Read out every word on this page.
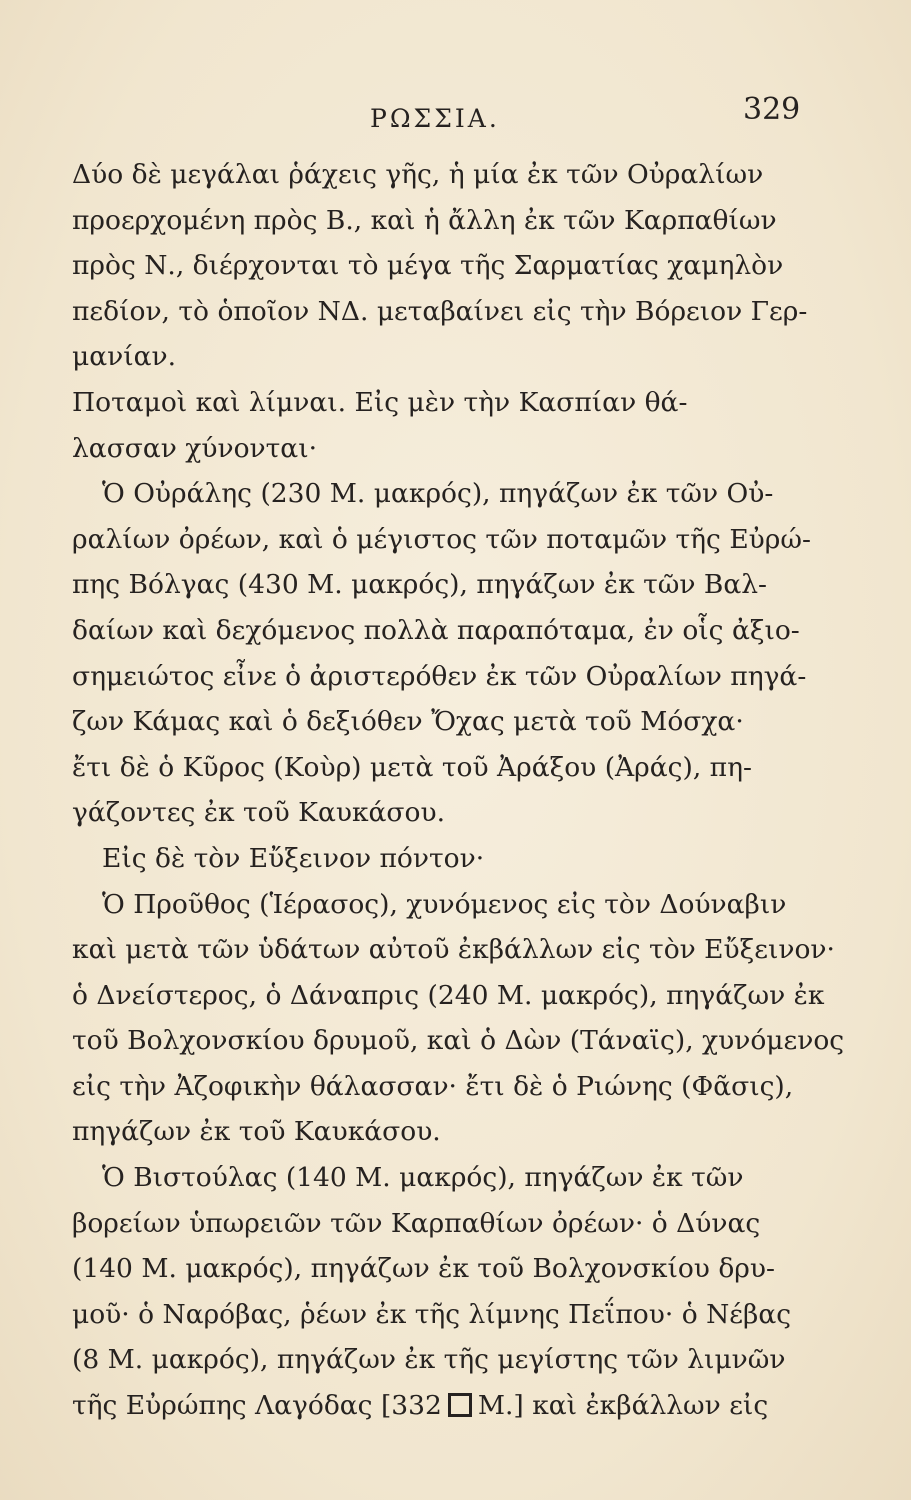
ΡΩΣΣΙΑ.	329
Δύο δὲ μεγάλαι ῥάχεις γῆς, ἡ μία ἐκ τῶν Οὐραλίων
προερχομένη πρὸς Β., καὶ ἡ ἄλλη ἐκ τῶν Καρπαθίων
πρὸς Ν., διέρχονται τὸ μέγα τῆς Σαρματίας χαμηλὸν
πεδίον, τὸ ὁποῖον ΝΔ. μεταβαίνει εἰς τὴν Βόρειον Γερ-
μανίαν.
Ποταμοὶ καὶ λίμναι. Εἰς μὲν τὴν Κασπίαν θά-
λασσαν χύνονται·
Ὁ Οὐράλης (230 Μ. μακρός), πηγάζων ἐκ τῶν Οὐ-
ραλίων ὀρέων, καὶ ὁ μέγιστος τῶν ποταμῶν τῆς Εὐρώ-
πης Βόλγας (430 Μ. μακρός), πηγάζων ἐκ τῶν Βαλ-
δαίων καὶ δεχόμενος πολλὰ παραπόταμα, ἐν οἷς ἀξιο-
σημειώτος εἶνε ὁ ἀριστερόθεν ἐκ τῶν Οὐραλίων πηγά-
ζων Κάμας καὶ ὁ δεξιόθεν Ὄχας μετὰ τοῦ Μόσχα·
ἔτι δὲ ὁ Κῦρος (Κοὺρ) μετὰ τοῦ Ἀράξου (Ἀράς), πη-
γάζοντες ἐκ τοῦ Καυκάσου.
Εἰς δὲ τὸν Εὔξεινον πόντον·
Ὁ Προῦθος (Ἱέρασος), χυνόμενος εἰς τὸν Δούναβιν
καὶ μετὰ τῶν ὑδάτων αὐτοῦ ἐκβάλλων εἰς τὸν Εὔξεινον·
ὁ Δνείστερος, ὁ Δάναπρις (240 Μ. μακρός), πηγάζων ἐκ
τοῦ Βολχονσκίου δρυμοῦ, καὶ ὁ Δὼν (Τάναϊς), χυνόμενος
εἰς τὴν Ἀζοφικὴν θάλασσαν· ἔτι δὲ ὁ Ριώνης (Φᾶσις),
πηγάζων ἐκ τοῦ Καυκάσου.
Ὁ Βιστούλας (140 Μ. μακρός), πηγάζων ἐκ τῶν
βορείων ὑπωρειῶν τῶν Καρπαθίων ὀρέων· ὁ Δύνας
(140 Μ. μακρός), πηγάζων ἐκ τοῦ Βολχονσκίου δρυ-
μοῦ· ὁ Ναρόβας, ῥέων ἐκ τῆς λίμνης Πεΐπου· ὁ Νέβας
(8 Μ. μακρός), πηγάζων ἐκ τῆς μεγίστης τῶν λιμνῶν
τῆς Εὐρώπης Λαγόδας [332 Μ.] καὶ ἐκβάλλων εἰς
